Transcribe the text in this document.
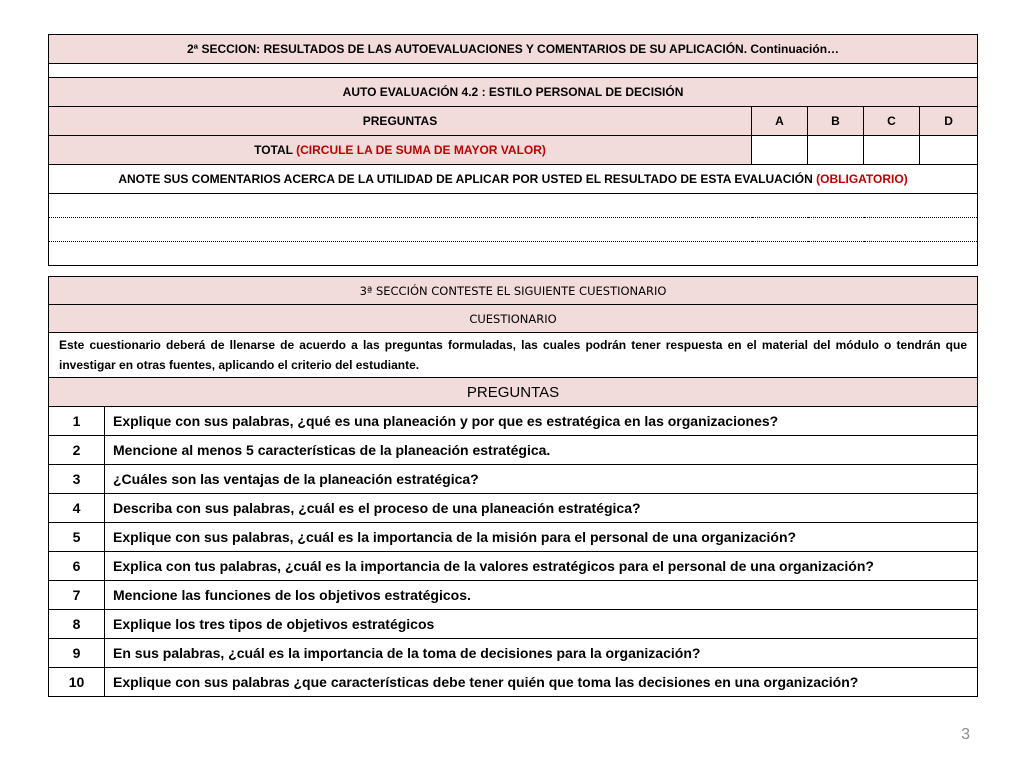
2ª SECCION: RESULTADOS DE LAS AUTOEVALUACIONES Y COMENTARIOS DE SU APLICACIÓN. Continuación…				

AUTO EVALUACIÓN 4.2 : ESTILO PERSONAL DE DECISIÓN				
PREGUNTAS	A	B	C	D
TOTAL (CIRCULE LA DE SUMA DE MAYOR VALOR)				
ANOTE SUS COMENTARIOS ACERCA DE LA UTILIDAD DE APLICAR POR USTED EL RESULTADO DE ESTA EVALUACIÓN (OBLIGATORIO)				

3ª SECCIÓN CONTESTE EL SIGUIENTE CUESTIONARIO	
CUESTIONARIO	
Este cuestionario deberá de llenarse de acuerdo a las preguntas formuladas, las cuales podrán tener respuesta en el material del módulo o tendrán que investigar en otras fuentes, aplicando el criterio del estudiante.	
PREGUNTAS	
1	Explique con sus palabras, ¿qué es una planeación y por que es estratégica en las organizaciones?
2	Mencione al menos 5 características de la planeación estratégica.
3	¿Cuáles son las ventajas de la planeación estratégica?
4	Describa con sus palabras, ¿cuál es el proceso de una planeación estratégica?
5	Explique con sus palabras, ¿cuál es la importancia de la misión para el personal de una organización?
6	Explica con tus palabras, ¿cuál es la importancia de la valores estratégicos para el personal de una organización?
7	Mencione las funciones de los objetivos estratégicos.
8	Explique los tres tipos de objetivos estratégicos
9	En sus palabras, ¿cuál es la importancia de la toma de decisiones para la organización?
10	Explique con sus palabras ¿que características debe tener quién que toma las decisiones en una organización?
3
